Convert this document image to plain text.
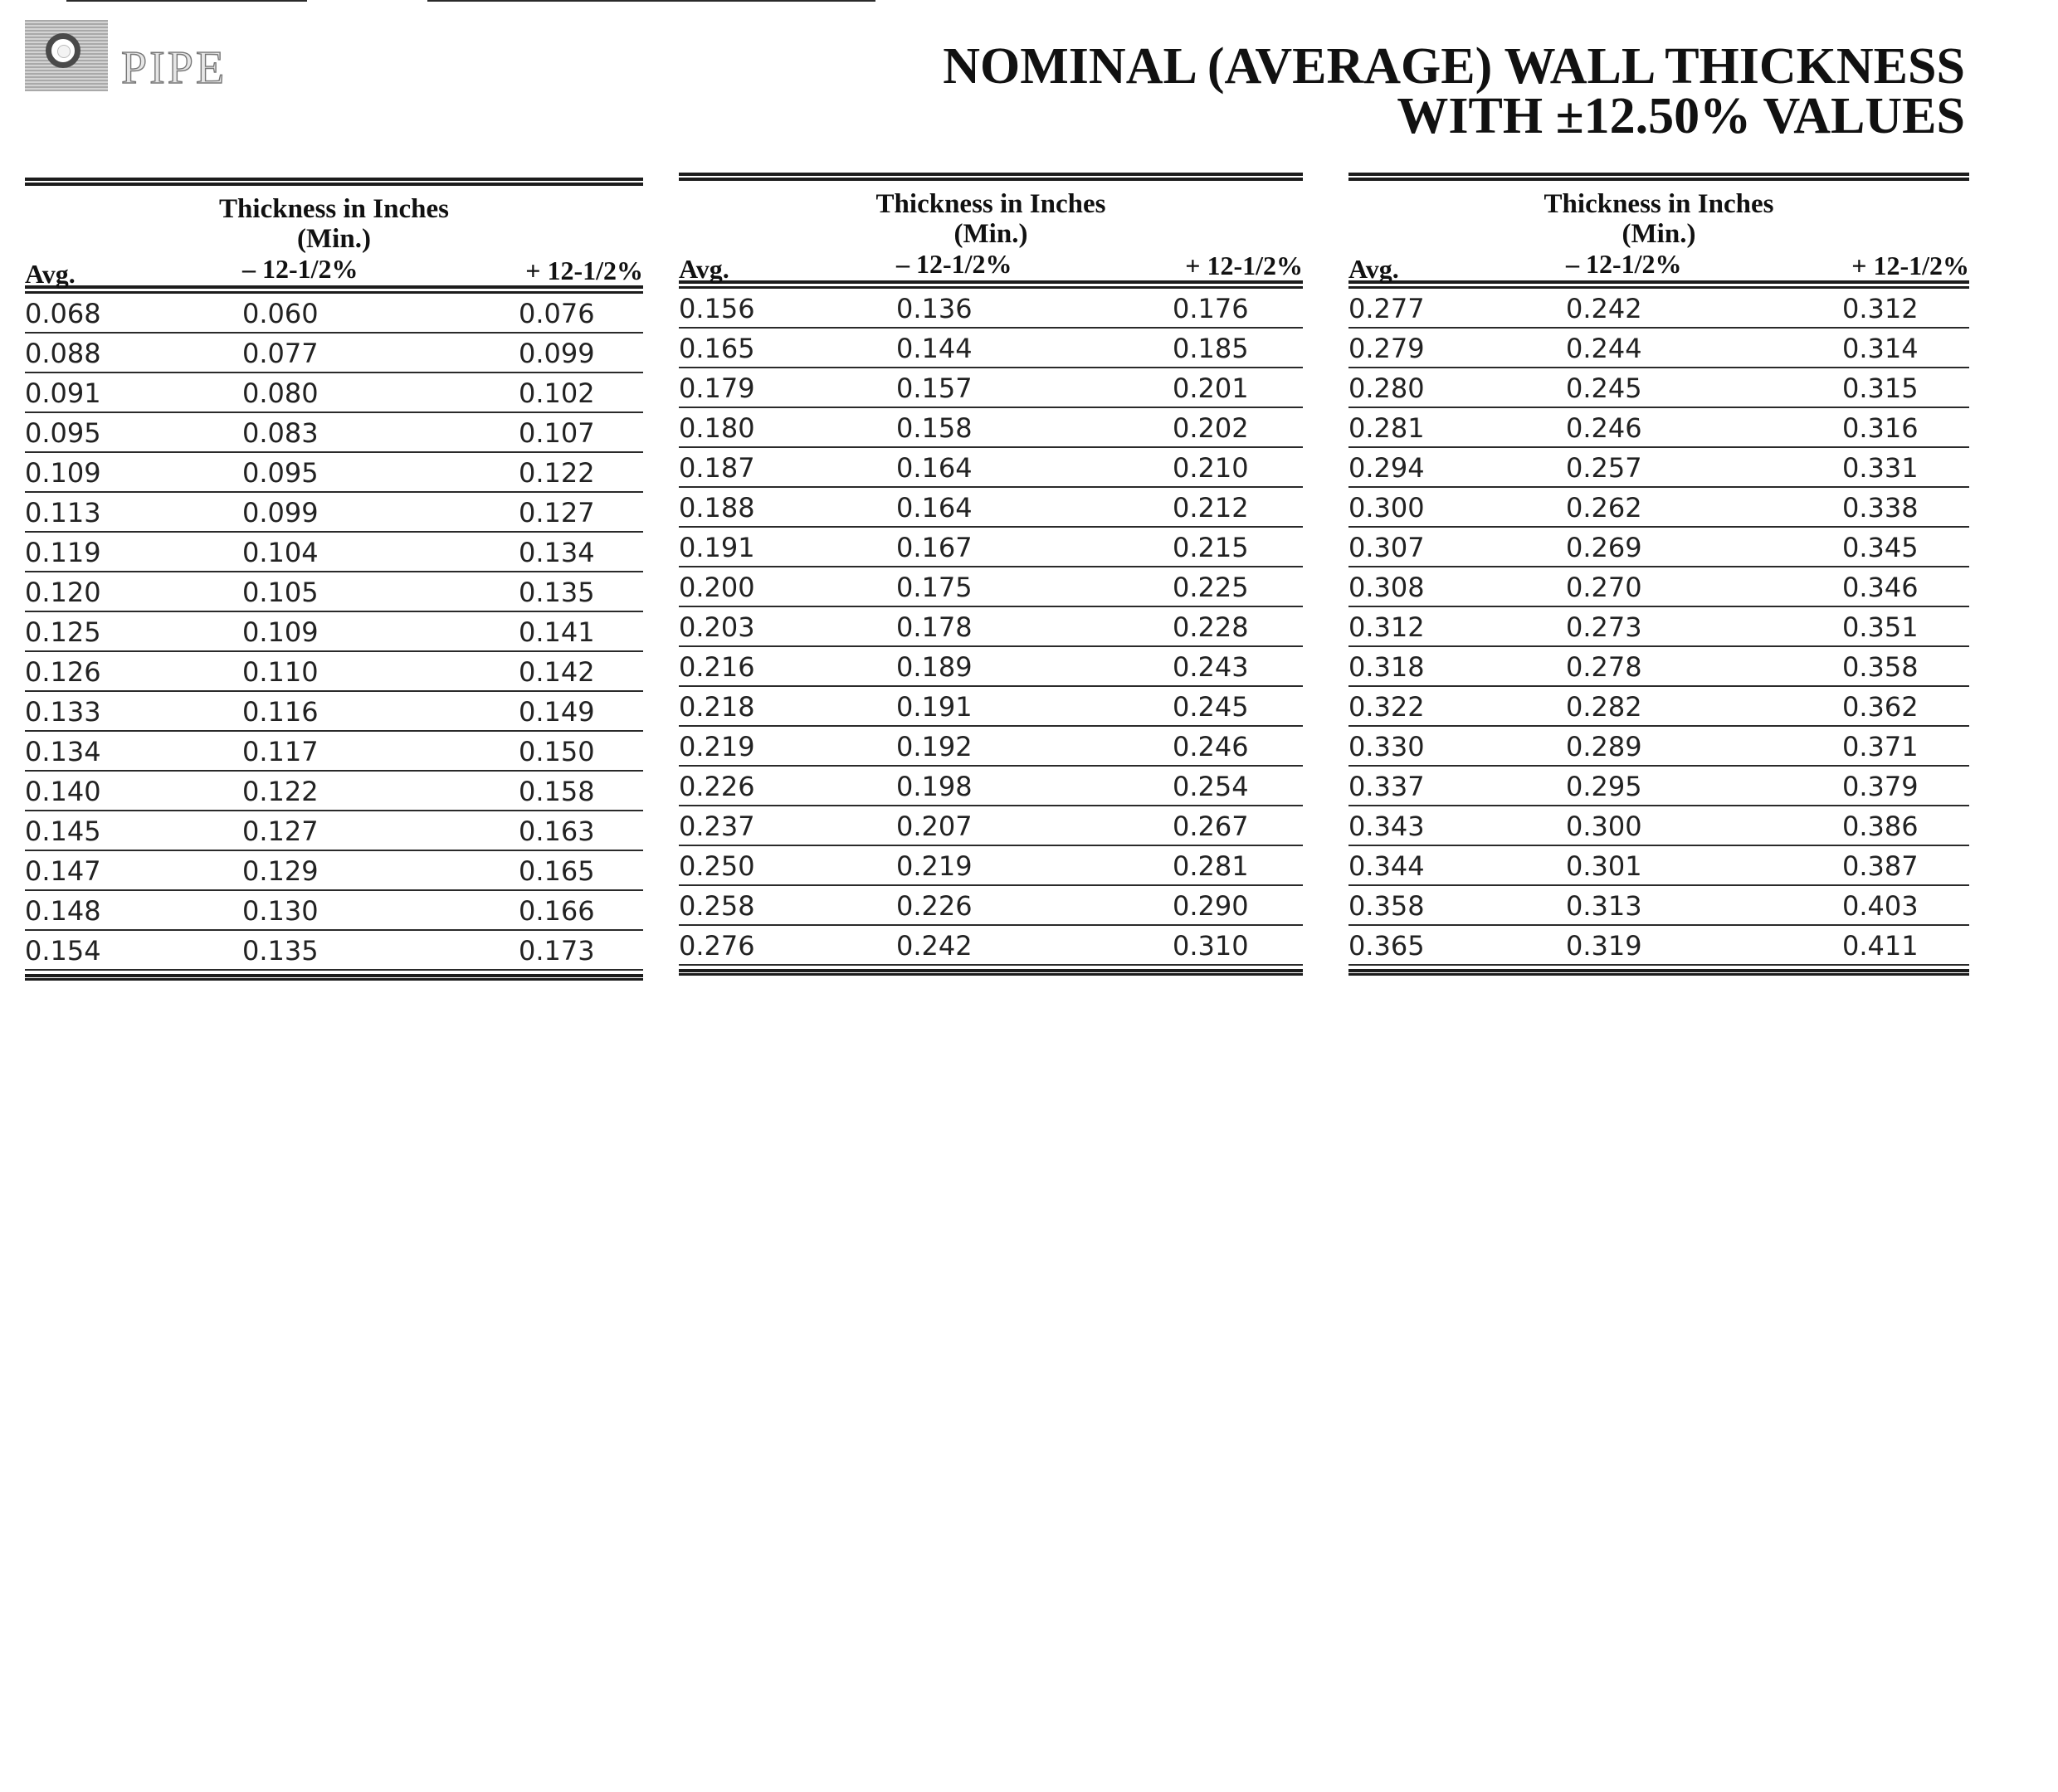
PIPE	NOMINAL (AVERAGE) WALL THICKNESS
WITH ±12.50% VALUES
Thickness in Inches
(Min.)
Avg.	– 12-1/2%	+ 12-1/2%
0.068	0.060	0.076
0.088	0.077	0.099
0.091	0.080	0.102
0.095	0.083	0.107
0.109	0.095	0.122
0.113	0.099	0.127
0.119	0.104	0.134
0.120	0.105	0.135
0.125	0.109	0.141
0.126	0.110	0.142
0.133	0.116	0.149
0.134	0.117	0.150
0.140	0.122	0.158
0.145	0.127	0.163
0.147	0.129	0.165
0.148	0.130	0.166
0.154	0.135	0.173
Thickness in Inches
(Min.)
Avg.	– 12-1/2%	+ 12-1/2%
0.156	0.136	0.176
0.165	0.144	0.185
0.179	0.157	0.201
0.180	0.158	0.202
0.187	0.164	0.210
0.188	0.164	0.212
0.191	0.167	0.215
0.200	0.175	0.225
0.203	0.178	0.228
0.216	0.189	0.243
0.218	0.191	0.245
0.219	0.192	0.246
0.226	0.198	0.254
0.237	0.207	0.267
0.250	0.219	0.281
0.258	0.226	0.290
0.276	0.242	0.310
Thickness in Inches
(Min.)
Avg.	– 12-1/2%	+ 12-1/2%
0.277	0.242	0.312
0.279	0.244	0.314
0.280	0.245	0.315
0.281	0.246	0.316
0.294	0.257	0.331
0.300	0.262	0.338
0.307	0.269	0.345
0.308	0.270	0.346
0.312	0.273	0.351
0.318	0.278	0.358
0.322	0.282	0.362
0.330	0.289	0.371
0.337	0.295	0.379
0.343	0.300	0.386
0.344	0.301	0.387
0.358	0.313	0.403
0.365	0.319	0.411
